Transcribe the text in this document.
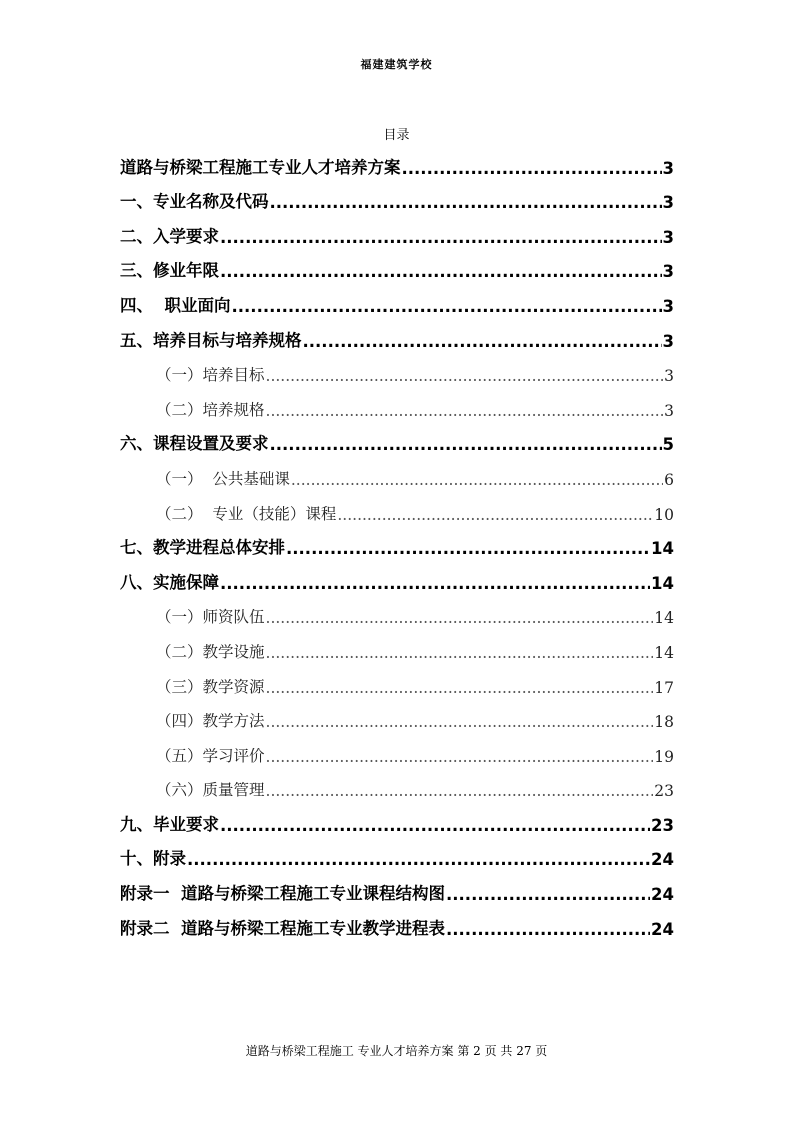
福建建筑学校
目录
道路与桥梁工程施工专业人才培养方案 .....	3
一、专业名称及代码 .....	3
二、入学要求 .....	3
三、修业年限 .....	3
四、  职业面向 .....	3
五、培养目标与培养规格 .....	3
（一）培养目标 .....	3
（二）培养规格 .....	3
六、课程设置及要求 .....	5
（一）  公共基础课 .....	6
（二）  专业（技能）课程 .....	10
七、教学进程总体安排 .....	14
八、实施保障 .....	14
（一）师资队伍 .....	14
（二）教学设施 .....	14
（三）教学资源 .....	17
（四）教学方法 .....	18
（五）学习评价 .....	19
（六）质量管理 .....	23
九、毕业要求 .....	23
十、附录 .....	24
附录一  道路与桥梁工程施工专业课程结构图 .....	24
附录二  道路与桥梁工程施工专业教学进程表 .....	24
道路与桥梁工程施工 专业人才培养方案 第 2 页 共 27 页
